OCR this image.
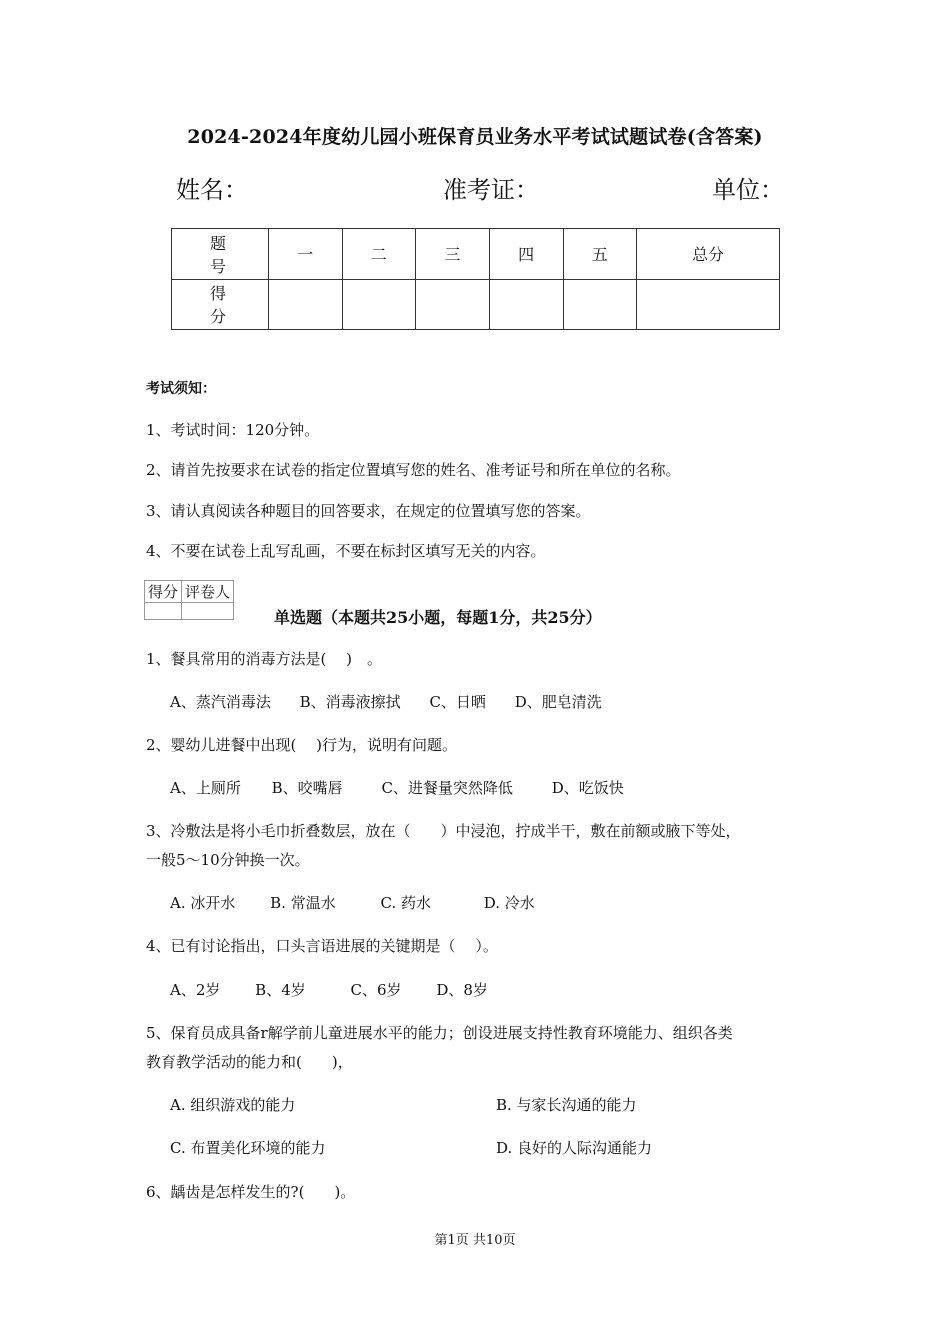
2024-2024年度幼儿园小班保育员业务水平考试试题试卷(含答案)
姓名：	准考证：	单位：
题　号	一	二	三	四	五	总分
得　分						
考试须知：
1、考试时间：120分钟。
2、请首先按要求在试卷的指定位置填写您的姓名、准考证号和所在单位的名称。
3、请认真阅读各种题目的回答要求，在规定的位置填写您的答案。
4、不要在试卷上乱写乱画，不要在标封区填写无关的内容。
得分	评卷人

单选题（本题共25小题，每题1分，共25分）
1、餐具常用的消毒方法是(　 )　。
A、蒸汽消毒法 B、消毒液擦拭 C、日晒 D、肥皂清洗
2、婴幼儿进餐中出现(　 )行为，说明有问题。
A、上厕所 B、咬嘴唇	C、进餐量突然降低	D、吃饭快
3、冷敷法是将小毛巾折叠数层，放在（　　）中浸泡，拧成半干，敷在前额或腋下等处，
一般5～10分钟换一次。
A. 冰开水 B. 常温水	C. 药水	D. 冷水
4、已有讨论指出，口头言语进展的关键期是（　 ）。
A、2岁 B、4岁	C、6岁 D、8岁
5、保育员成具备r解学前儿童进展水平的能力；创设进展支持性教育环境能力、组织各类
教育教学活动的能力和(　　)，
A. 组织游戏的能力	B. 与家长沟通的能力
C. 布置美化环境的能力	D. 良好的人际沟通能力
6、龋齿是怎样发生的?(　　)。
第1页 共10页
